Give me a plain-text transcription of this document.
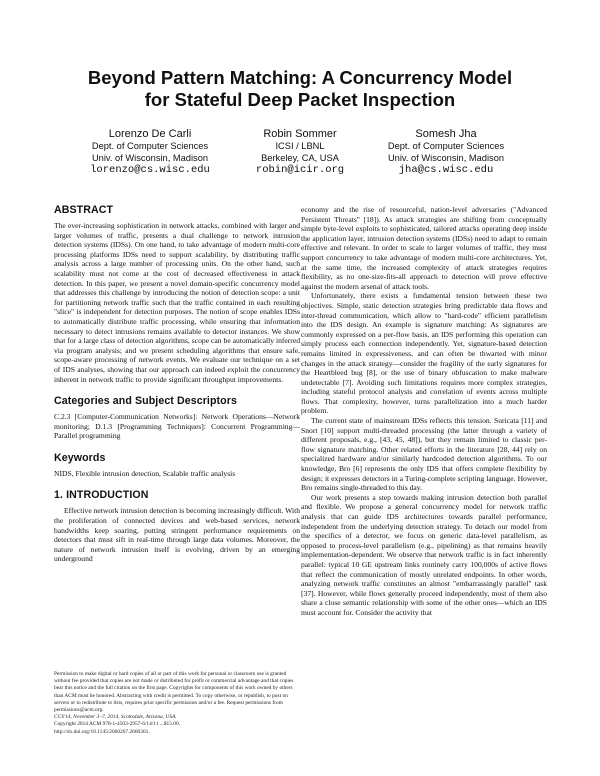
Beyond Pattern Matching: A Concurrency Model
for Stateful Deep Packet Inspection
Lorenzo De Carli
Dept. of Computer Sciences
Univ. of Wisconsin, Madison
lorenzo@cs.wisc.edu
Robin Sommer
ICSI / LBNL
Berkeley, CA, USA
robin@icir.org
Somesh Jha
Dept. of Computer Sciences
Univ. of Wisconsin, Madison
jha@cs.wisc.edu
ABSTRACT

The ever-increasing sophistication in network attacks, combined with larger and larger volumes of traffic, presents a dual challenge to network intrusion detection systems (IDSs). On one hand, to take advantage of modern multi-core processing platforms IDSs need to support scalability, by distributing traffic analysis across a large number of processing units. On the other hand, such scalability must not come at the cost of decreased effectiveness in attack detection. In this paper, we present a novel domain-specific concurrency model that addresses this challenge by introducing the notion of detection scope: a unit for partitioning network traffic such that the traffic contained in each resulting "slice" is independent for detection purposes. The notion of scope enables IDSs to automatically distribute traffic processing, while ensuring that information necessary to detect intrusions remains available to detector instances. We show that for a large class of detection algorithms, scope can be automatically inferred via program analysis; and we present scheduling algorithms that ensure safe, scope-aware processing of network events. We evaluate our technique on a set of IDS analyses, showing that our approach can indeed exploit the concurrency inherent in network traffic to provide significant throughput improvements.

Categories and Subject Descriptors

C.2.3 [Computer-Communication Networks]: Network Operations—Network monitoring; D.1.3 [Programming Techniques]: Concurrent Programming—Parallel programming

Keywords

NIDS, Flexible intrusion detection, Scalable traffic analysis

1. INTRODUCTION

Effective network intrusion detection is becoming increasingly difficult. With the proliferation of connected devices and web-based services, network bandwidths keep soaring, putting stringent performance requirements on detectors that must sift in real-time through large data volumes. Moreover, the nature of network intrusion itself is evolving, driven by an emerging underground

Permission to make digital or hard copies of all or part of this work for personal or classroom use is granted without fee provided that copies are not made or distributed for profit or commercial advantage and that copies bear this notice and the full citation on the first page. Copyrights for components of this work owned by others than ACM must be honored. Abstracting with credit is permitted. To copy otherwise, or republish, to post on servers or to redistribute to lists, requires prior specific permission and/or a fee. Request permissions from permissions@acm.org.

CCS'14, November 3–7, 2014, Scottsdale, Arizona, USA.

Copyright 2014 ACM 978-1-4503-2957-6/14/11 ...$15.00.

http://dx.doi.org/10.1145/2660267.2660361.

economy and the rise of resourceful, nation-level adversaries ("Advanced Persistent Threats" [18]). As attack strategies are shifting from conceptually simple byte-level exploits to sophisticated, tailored attacks operating deep inside the application layer, intrusion detection systems (IDSs) need to adapt to remain effective and relevant. In order to scale to larger volumes of traffic, they must support concurrency to take advantage of modern multi-core architectures. Yet, at the same time, the increased complexity of attack strategies requires flexibility, as no one-size-fits-all approach to detection will prove effective against the modern arsenal of attack tools.

Unfortunately, there exists a fundamental tension between these two objectives. Simple, static detection strategies bring predictable data flows and inter-thread communication, which allow to "hard-code" efficient parallelism into the IDS design. An example is signature matching: As signatures are commonly expressed on a per-flow basis, an IDS performing this operation can simply process each connection independently. Yet, signature-based detection remains limited in expressiveness, and can often be thwarted with minor changes in the attack strategy—consider the fragility of the early signatures for the Heartbleed bug [8], or the use of binary obfuscation to make malware undetectable [7]. Avoiding such limitations requires more complex strategies, including stateful protocol analysis and correlation of events across multiple flows. That complexity, however, turns parallelization into a much harder problem.

The current state of mainstream IDSs reflects this tension. Suricata [11] and Snort [10] support multi-threaded processing (the latter through a variety of different proposals, e.g., [43, 45, 48]), but they remain limited to classic per-flow signature matching. Other related efforts in the literature [28, 44] rely on specialized hardware and/or similarly hardcoded detection algorithms. To our knowledge, Bro [6] represents the only IDS that offers complete flexibility by design; it expresses detectors in a Turing-complete scripting language. However, Bro remains single-threaded to this day.

Our work presents a step towards making intrusion detection both parallel and flexible. We propose a general concurrency model for network traffic analysis that can guide IDS architectures towards parallel performance, independent from the underlying detection strategy. To detach our model from the specifics of a detector, we focus on generic data-level parallelism, as opposed to process-level parallelism (e.g., pipelining) as that remains heavily implementation-dependent. We observe that network traffic is in fact inherently parallel: typical 10 GE upstream links routinely carry 100,000s of active flows that reflect the communication of mostly unrelated endpoints. In other words, analyzing network traffic constitutes an almost "embarrassingly parallel" task [37]. However, while flows generally proceed independently, most of them also share a close semantic relationship with some of the other ones—which an IDS must account for. Consider the activity that
